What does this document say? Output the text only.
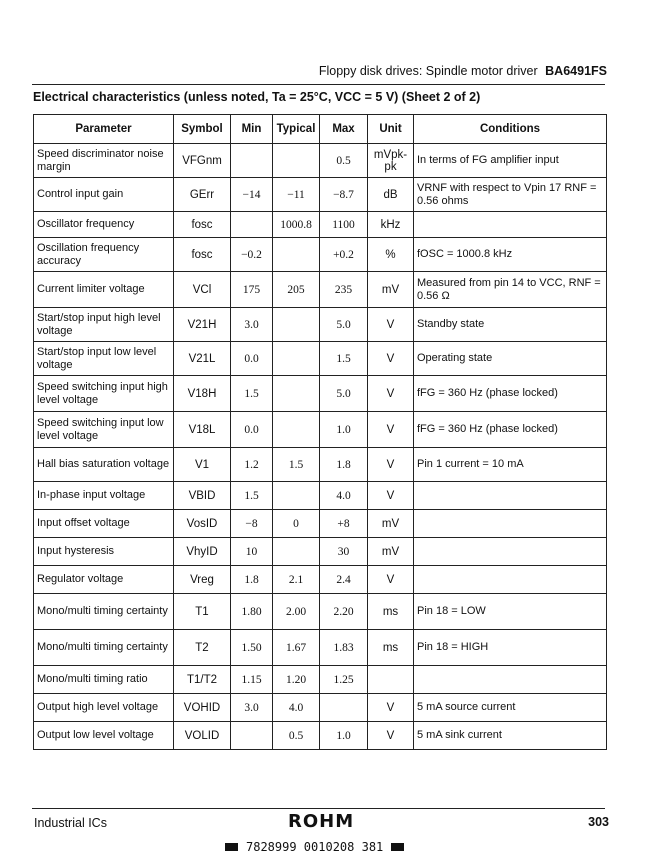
Floppy disk drives: Spindle motor driver BA6491FS
Electrical characteristics (unless noted, Ta = 25°C, VCC = 5 V) (Sheet 2 of 2)
Parameter	Symbol	Min	Typical	Max	Unit	Conditions
Speed discriminator noise margin	VFGnm			0.5	mVpk-pk	In terms of FG amplifier input
Control input gain	GErr	−14	−11	−8.7	dB	VRNF with respect to Vpin 17 RNF = 0.56 ohms
Oscillator frequency	fosc		1000.8	1100	kHz	
Oscillation frequency accuracy	fosc	−0.2		+0.2	%	fOSC = 1000.8 kHz
Current limiter voltage	VCl	175	205	235	mV	Measured from pin 14 to VCC, RNF = 0.56 Ω
Start/stop input high level voltage	V21H	3.0		5.0	V	Standby state
Start/stop input low level voltage	V21L	0.0		1.5	V	Operating state
Speed switching input high level voltage	V18H	1.5		5.0	V	fFG = 360 Hz (phase locked)
Speed switching input low level voltage	V18L	0.0		1.0	V	fFG = 360 Hz (phase locked)
Hall bias saturation voltage	V1	1.2	1.5	1.8	V	Pin 1 current = 10 mA
In-phase input voltage	VBID	1.5		4.0	V	
Input offset voltage	VosID	−8	0	+8	mV	
Input hysteresis	VhyID	10		30	mV	
Regulator voltage	Vreg	1.8	2.1	2.4	V	
Mono/multi timing certainty	T1	1.80	2.00	2.20	ms	Pin 18 = LOW
Mono/multi timing certainty	T2	1.50	1.67	1.83	ms	Pin 18 = HIGH
Mono/multi timing ratio	T1/T2	1.15	1.20	1.25		
Output high level voltage	VOHID	3.0	4.0		V	5 mA source current
Output low level voltage	VOLID		0.5	1.0	V	5 mA sink current
Industrial ICs	ROHM	303
7828999 0010208 381
